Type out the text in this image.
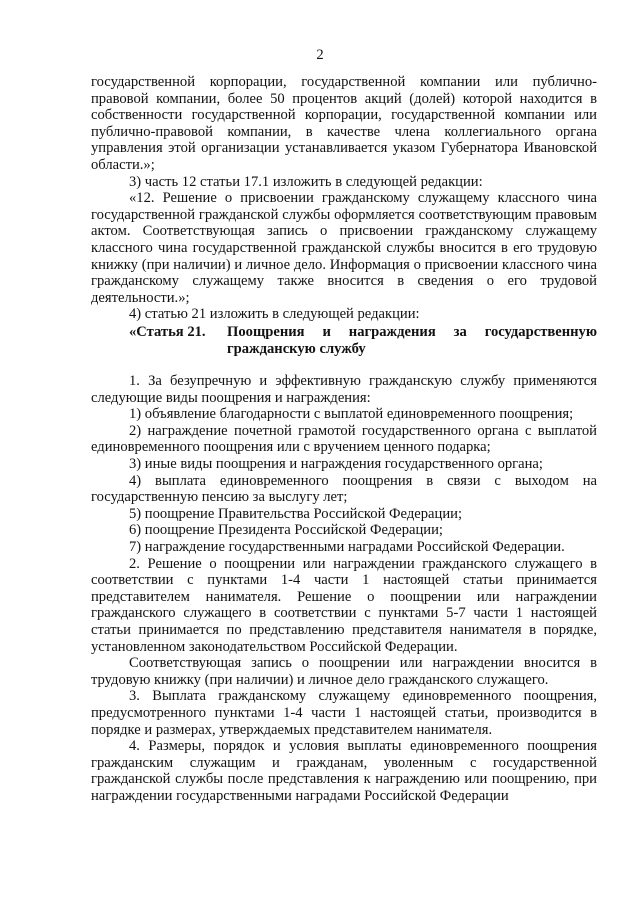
2

государственной корпорации, государственной компании или публично-правовой компании, более 50 процентов акций (долей) которой находится в собственности государственной корпорации, государственной компании или публично-правовой компании, в качестве члена коллегиального органа управления этой организации устанавливается указом Губернатора Ивановской области.»;

3) часть 12 статьи 17.1 изложить в следующей редакции:

«12. Решение о присвоении гражданскому служащему классного чина государственной гражданской службы оформляется соответствующим правовым актом. Соответствующая запись о присвоении гражданскому служащему классного чина государственной гражданской службы вносится в его трудовую книжку (при наличии) и личное дело. Информация о присвоении классного чина гражданскому служащему также вносится в сведения о его трудовой деятельности.»;

4) статью 21 изложить в следующей редакции:

«Статья 21.	Поощрения и награждения за государственную гражданскую службу

1. За безупречную и эффективную гражданскую службу применяются следующие виды поощрения и награждения:

1) объявление благодарности с выплатой единовременного поощрения;

2) награждение почетной грамотой государственного органа с выплатой единовременного поощрения или с вручением ценного подарка;

3) иные виды поощрения и награждения государственного органа;

4) выплата единовременного поощрения в связи с выходом на государственную пенсию за выслугу лет;

5) поощрение Правительства Российской Федерации;

6) поощрение Президента Российской Федерации;

7) награждение государственными наградами Российской Федерации.

2. Решение о поощрении или награждении гражданского служащего в соответствии с пунктами 1-4 части 1 настоящей статьи принимается представителем нанимателя. Решение о поощрении или награждении гражданского служащего в соответствии с пунктами 5-7 части 1 настоящей статьи принимается по представлению представителя нанимателя в порядке, установленном законодательством Российской Федерации.

Соответствующая запись о поощрении или награждении вносится в трудовую книжку (при наличии) и личное дело гражданского служащего.

3. Выплата гражданскому служащему единовременного поощрения, предусмотренного пунктами 1-4 части 1 настоящей статьи, производится в порядке и размерах, утверждаемых представителем нанимателя.

4. Размеры, порядок и условия выплаты единовременного поощрения гражданским служащим и гражданам, уволенным с государственной гражданской службы после представления к награждению или поощрению, при награждении государственными наградами Российской Федерации
